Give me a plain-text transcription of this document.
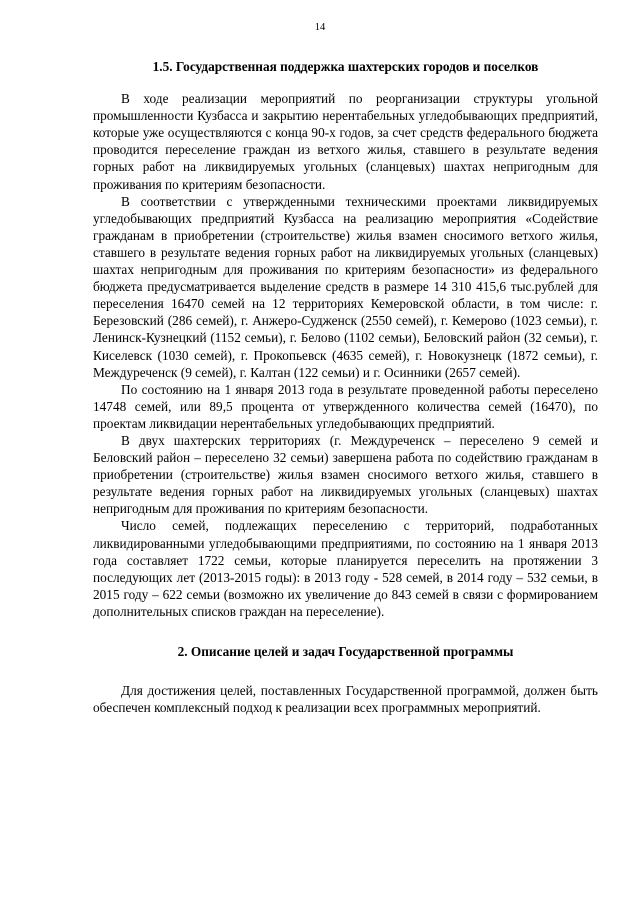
14
1.5. Государственная поддержка шахтерских городов и поселков

В ходе реализации мероприятий по реорганизации структуры угольной промышленности Кузбасса и закрытию нерентабельных угледобывающих предприятий, которые уже осуществляются с конца 90-х годов, за счет средств федерального бюджета проводится переселение граждан из ветхого жилья, ставшего в результате ведения горных работ на ликвидируемых угольных (сланцевых) шахтах непригодным для проживания по критериям безопасности.

В соответствии с утвержденными техническими проектами ликвидируемых угледобывающих предприятий Кузбасса на реализацию мероприятия «Содействие гражданам в приобретении (строительстве) жилья взамен сносимого ветхого жилья, ставшего в результате ведения горных работ на ликвидируемых угольных (сланцевых) шахтах непригодным для проживания по критериям безопасности» из федерального бюджета предусматривается выделение средств в размере 14 310 415,6 тыс.рублей для переселения 16470 семей на 12 территориях Кемеровской области, в том числе: г. Березовский (286 семей), г. Анжеро-Судженск (2550 семей), г. Кемерово (1023 семьи), г. Ленинск-Кузнецкий (1152 семьи), г. Белово (1102 семьи), Беловский район (32 семьи), г. Киселевск (1030 семей), г. Прокопьевск (4635 семей), г. Новокузнецк (1872 семьи), г. Междуреченск (9 семей), г. Калтан (122 семьи) и г. Осинники (2657 семей).

По состоянию на 1 января 2013 года в результате проведенной работы переселено 14748 семей, или 89,5 процента от утвержденного количества семей (16470), по проектам ликвидации нерентабельных угледобывающих предприятий.

В двух шахтерских территориях (г. Междуреченск – переселено 9 семей и Беловский район – переселено 32 семьи) завершена работа по содействию гражданам в приобретении (строительстве) жилья взамен сносимого ветхого жилья, ставшего в результате ведения горных работ на ликвидируемых угольных (сланцевых) шахтах непригодным для проживания по критериям безопасности.

Число семей, подлежащих переселению с территорий, подработанных ликвидированными угледобывающими предприятиями, по состоянию на 1 января 2013 года составляет 1722 семьи, которые планируется переселить на протяжении 3 последующих лет (2013-2015 годы): в 2013 году - 528 семей, в 2014 году – 532 семьи, в 2015 году – 622 семьи (возможно их увеличение до 843 семей в связи с формированием дополнительных списков граждан на переселение).

2. Описание целей и задач Государственной программы

Для достижения целей, поставленных Государственной программой, должен быть обеспечен комплексный подход к реализации всех программных мероприятий.
